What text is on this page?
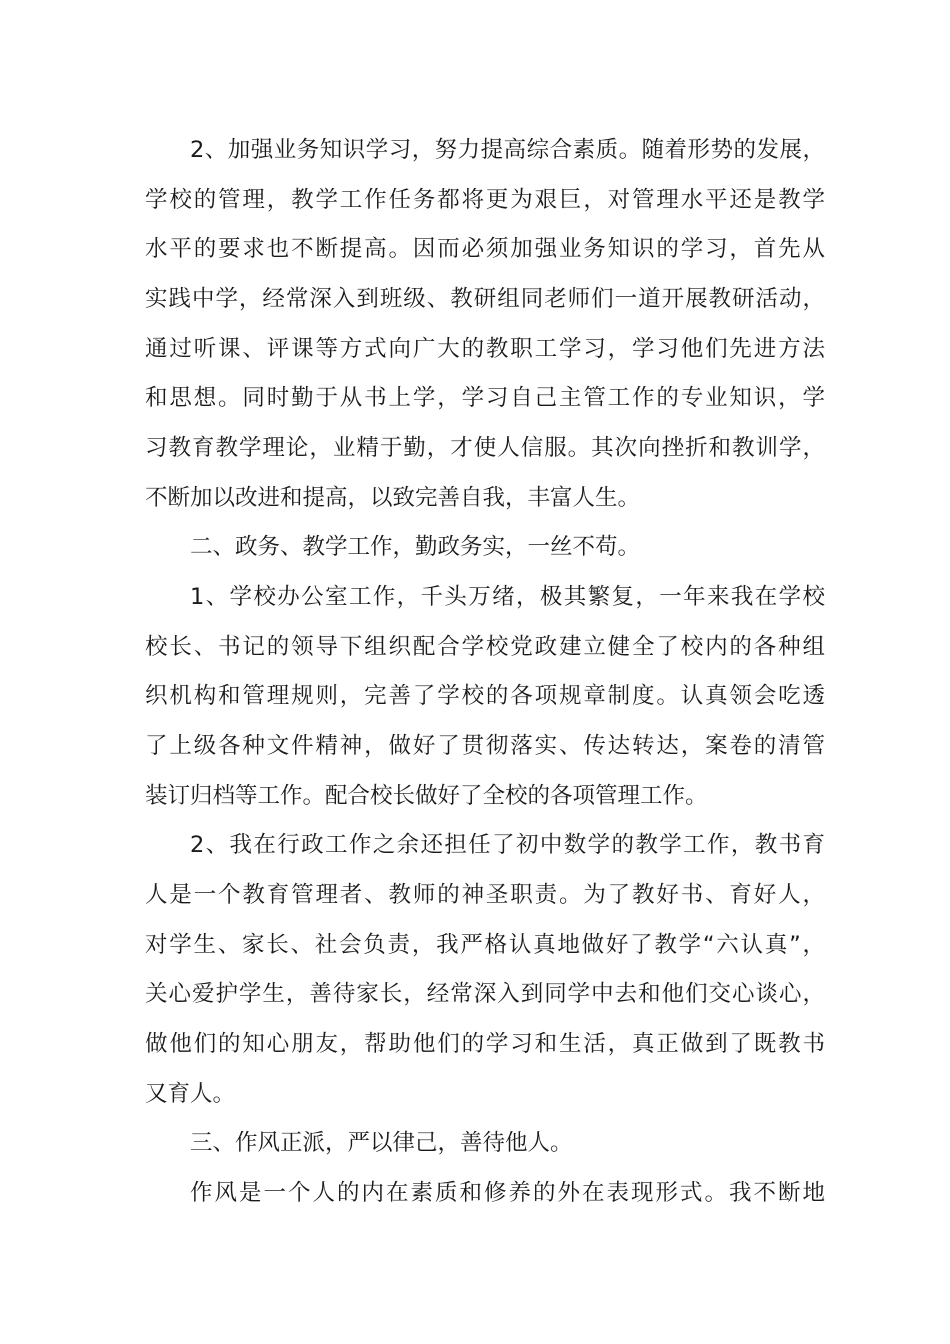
2、加强业务知识学习，努力提高综合素质。随着形势的发展，
学校的管理，教学工作任务都将更为艰巨，对管理水平还是教学
水平的要求也不断提高。因而必须加强业务知识的学习，首先从
实践中学，经常深入到班级、教研组同老师们一道开展教研活动，
通过听课、评课等方式向广大的教职工学习，学习他们先进方法
和思想。同时勤于从书上学，学习自己主管工作的专业知识，学
习教育教学理论，业精于勤，才使人信服。其次向挫折和教训学，
不断加以改进和提高，以致完善自我，丰富人生。
二、政务、教学工作，勤政务实，一丝不苟。
1、学校办公室工作，千头万绪，极其繁复，一年来我在学校
校长、书记的领导下组织配合学校党政建立健全了校内的各种组
织机构和管理规则，完善了学校的各项规章制度。认真领会吃透
了上级各种文件精神，做好了贯彻落实、传达转达，案卷的清管
装订归档等工作。配合校长做好了全校的各项管理工作。
2、我在行政工作之余还担任了初中数学的教学工作，教书育
人是一个教育管理者、教师的神圣职责。为了教好书、育好人，
对学生、家长、社会负责，我严格认真地做好了教学“六认真”，
关心爱护学生，善待家长，经常深入到同学中去和他们交心谈心，
做他们的知心朋友，帮助他们的学习和生活，真正做到了既教书
又育人。
三、作风正派，严以律己，善待他人。
作风是一个人的内在素质和修养的外在表现形式。我不断地
